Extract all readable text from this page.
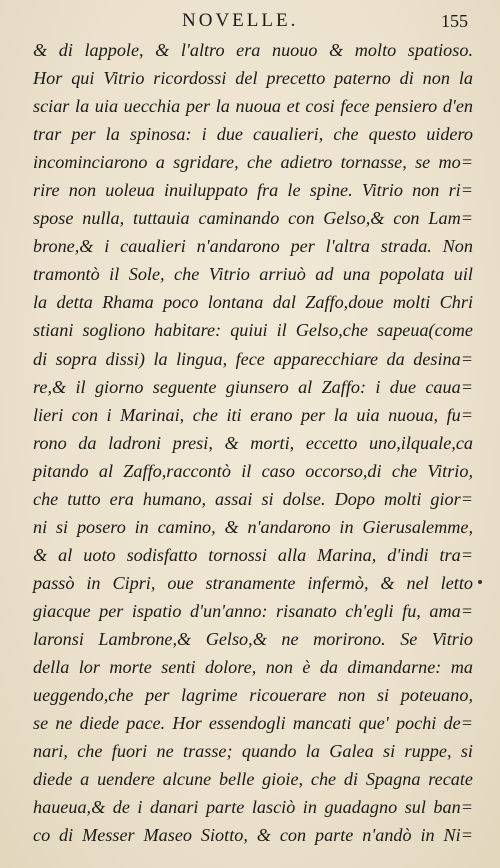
NOVELLE.	155
& di lappole, & l'altro era nuouo & molto spatioso.
Hor qui Vitrio ricordossi del precetto paterno di non la
sciar la uia uecchia per la nuoua et cosi fece pensiero d'en
trar per la spinosa: i due caualieri, che questo uidero
incominciarono a sgridare, che adietro tornasse, se mo=
rire non uoleua inuiluppato fra le spine. Vitrio non ri=
spose nulla, tuttauia caminando con Gelso,& con Lam=
brone,& i caualieri n'andarono per l'altra strada. Non
tramontò il Sole, che Vitrio arriuò ad una popolata uil
la detta Rhama poco lontana dal Zaffo,doue molti Chri
stiani sogliono habitare: quiui il Gelso,che sapeua(come
di sopra dissi) la lingua, fece apparecchiare da desina=
re,& il giorno seguente giunsero al Zaffo: i due caua=
lieri con i Marinai, che iti erano per la uia nuoua, fu=
rono da ladroni presi, & morti, eccetto uno,ilquale,ca
pitando al Zaffo,raccontò il caso occorso,di che Vitrio,
che tutto era humano, assai si dolse. Dopo molti gior=
ni si posero in camino, & n'andarono in Gierusalemme,
& al uoto sodisfatto tornossi alla Marina, d'indi tra=
passò in Cipri, oue stranamente infermò, & nel letto
giacque per ispatio d'un'anno: risanato ch'egli fu, ama=
laronsi Lambrone,& Gelso,& ne morirono. Se Vitrio
della lor morte senti dolore, non è da dimandarne: ma
ueggendo,che per lagrime ricouerare non si poteuano,
se ne diede pace. Hor essendogli mancati que' pochi de=
nari, che fuori ne trasse; quando la Galea si ruppe, si
diede a uendere alcune belle gioie, che di Spagna recate
haueua,& de i danari parte lasciò in guadagno sul ban=
co di Messer Maseo Siotto, & con parte n'andò in Ni=
